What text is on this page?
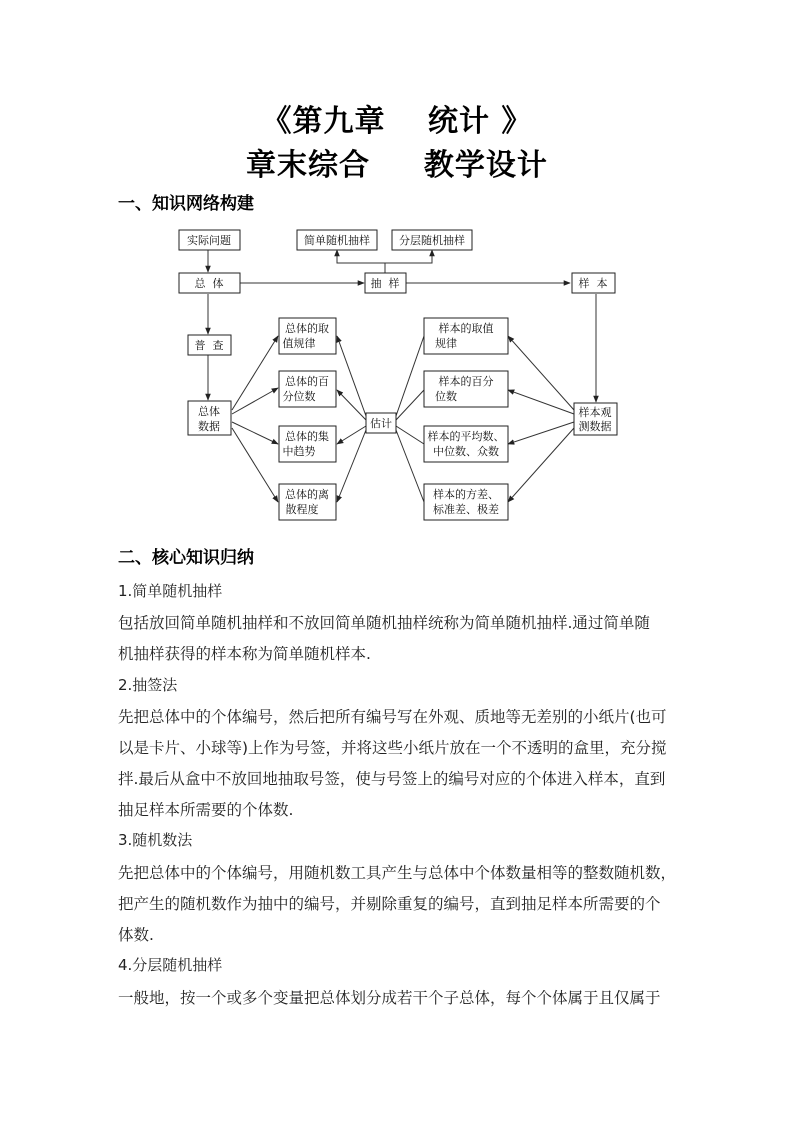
《第九章　 统计 》
章末综合　  教学设计
一、知识网络构建
实际问题	简单随机抽样	分层随机抽样
总  体	抽  样	样  本
普  查
总体
数据	估计
样本观
测数据
总体的取
值规律
总体的百
分位数
总体的集
中趋势
总体的离
散程度
样本的取值
规律
样本的百分
位数
样本的平均数、
中位数、众数
样本的方差、
标准差、极差
二、核心知识归纳
1.简单随机抽样
包括放回简单随机抽样和不放回简单随机抽样统称为简单随机抽样.通过简单随
机抽样获得的样本称为简单随机样本.
2.抽签法
先把总体中的个体编号，然后把所有编号写在外观、质地等无差别的小纸片(也可
以是卡片、小球等)上作为号签，并将这些小纸片放在一个不透明的盒里，充分搅
拌.最后从盒中不放回地抽取号签，使与号签上的编号对应的个体进入样本，直到
抽足样本所需要的个体数.
3.随机数法
先把总体中的个体编号，用随机数工具产生与总体中个体数量相等的整数随机数，
把产生的随机数作为抽中的编号，并剔除重复的编号，直到抽足样本所需要的个
体数.
4.分层随机抽样
一般地，按一个或多个变量把总体划分成若干个子总体，每个个体属于且仅属于
